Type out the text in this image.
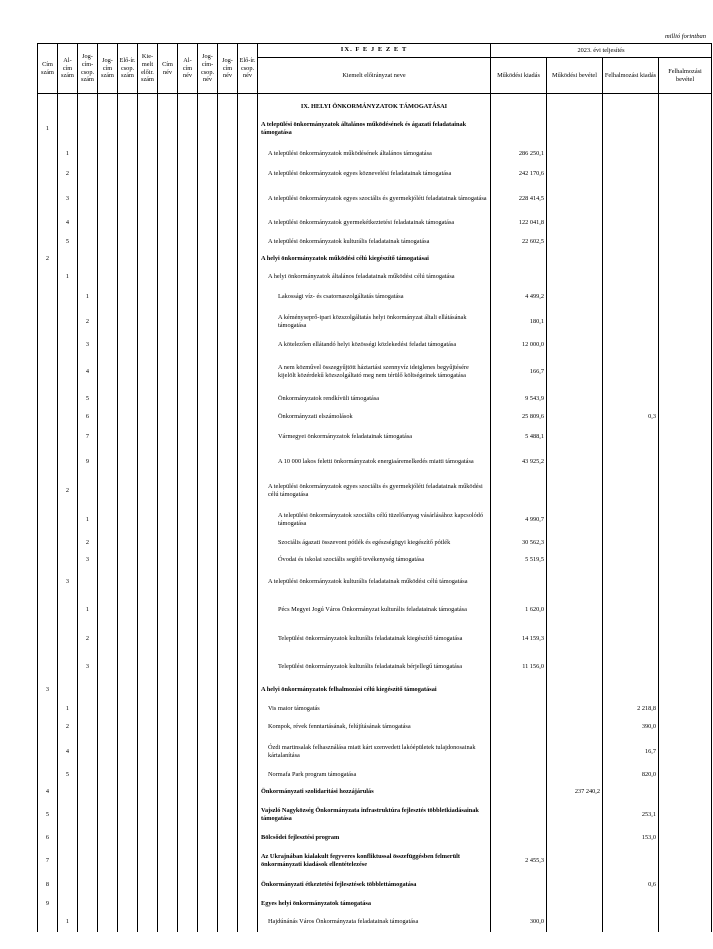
millió forintban
Cím szám	Al-cím szám	Jog-cím-csop. szám	Jog-cím szám	Elő-ír. csop. szám	Kie-melt előir. szám	Cím név	Al-cím név	Jog-cím-csop. név	Jog-cím név	Elő-ír. csop. név	IX. F E J E Z E T	2023. évi teljesítés			
											Kiemelt előirányzat neve	Működési kiadás	Működési bevétel	Felhalmozási kiadás	Felhalmozási bevétel

											IX. HELYI ÖNKORMÁNYZATOK TÁMOGATÁSAI				
1											A települési önkormányzatok általános működésének és ágazati feladatainak támogatása				
	1										A települési önkormányzatok működésének általános támogatása	286 250,1			
	2										A települési önkormányzatok egyes köznevelési feladatainak támogatása	242 170,6			
	3										A települési önkormányzatok egyes szociális és gyermekjóléti feladatainak támogatása	228 414,5			
	4										A települési önkormányzatok gyermekétkeztetési feladatainak támogatása	122 041,8			
	5										A települési önkormányzatok kulturális feladatainak támogatása	22 602,5			
2											A helyi önkormányzatok működési célú kiegészítő támogatásai				
	1										A helyi önkormányzatok általános feladatainak működési célú támogatása				
		1									Lakossági víz- és csatornaszolgáltatás támogatása	4 499,2			
		2									A kéményseprő-ipari közszolgáltatás helyi önkormányzat általi ellátásának támogatása	180,1			
		3									A kötelezően ellátandó helyi közösségi közlekedési feladat támogatása	12 000,0			
		4									A nem közművel összegyűjtött háztartási szennyvíz ideiglenes begyűjtésére kijelölt közérdekű közszolgáltató meg nem térülő költségeinek támogatása	166,7			
		5									Önkormányzatok rendkívüli támogatása	9 543,9			
		6									Önkormányzati elszámolások	25 809,6		0,3	
		7									Vármegyei önkormányzatok feladatainak támogatása	5 488,1			
		9									A 10 000 lakos feletti önkormányzatok energiaáremelkedés miatti támogatása	43 925,2			
	2										A települési önkormányzatok egyes szociális és gyermekjóléti feladatainak működési célú támogatása				
		1									A települési önkormányzatok szociális célú tüzelőanyag vásárlásához kapcsolódó támogatása	4 990,7			
		2									Szociális ágazati összevont pótlék és egészségügyi kiegészítő pótlék	30 562,3			
		3									Óvodai és iskolai szociális segítő tevékenység támogatása	5 519,5			
	3										A települési önkormányzatok kulturális feladatainak működési célú támogatása				
		1									Pécs Megyei Jogú Város Önkormányzat kulturális feladatainak támogatása	1 620,0			
		2									Települési önkormányzatok kulturális feladatainak kiegészítő támogatása	14 159,3			
		3									Települési önkormányzatok kulturális feladatainak bérjellegű támogatása	11 156,0			
3											A helyi önkormányzatok felhalmozási célú kiegészítő támogatásai				
	1										Vis maior támogatás			2 218,8	
	2										Kompok, révek fenntartásának, felújításának támogatása			390,0	
	4										Ózdi martinsalak felhasználása miatt kárt szenvedett lakóépületek tulajdonosainak kártalanítása			16,7	
	5										Normafa Park program támogatása			820,0	
4											Önkormányzati szolidaritási hozzájárulás		237 240,2		
5											Vajszló Nagyközség Önkormányzata infrastruktúra fejlesztés többletkiadásainak támogatása			253,1	
6											Bölcsődei fejlesztési program			153,0	
7											Az Ukrajnában kialakult fegyveres konfliktussal összefüggésben felmerült önkormányzati kiadások ellentételezése	2 455,3			
8											Önkormányzati étkeztetési fejlesztések többlettámogatása			0,6	
9											Egyes helyi önkormányzatok támogatása				
	1										Hajdúnánás Város Önkormányzata feladatainak támogatása	300,0			
